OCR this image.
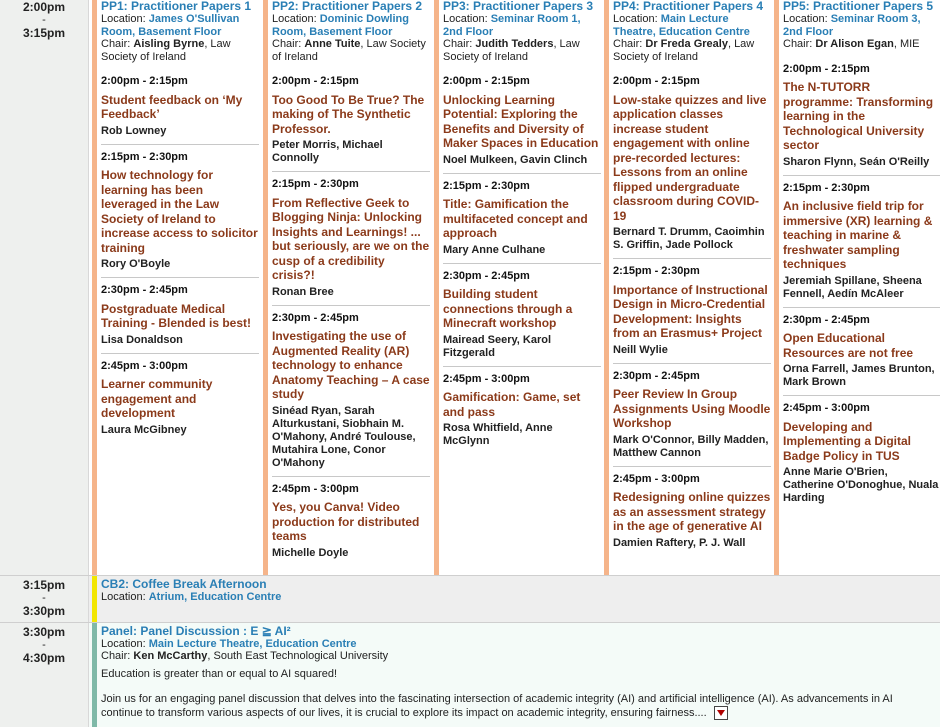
2:00pm
-
3:15pm
PP1: Practitioner Papers 1
Location: James O'Sullivan Room, Basement Floor
Chair: Aisling Byrne, Law Society of Ireland
2:00pm - 2:15pm
Student feedback on ‘My Feedback’
Rob Lowney
2:15pm - 2:30pm
How technology for learning has been leveraged in the Law Society of Ireland to increase access to solicitor training
Rory O'Boyle
2:30pm - 2:45pm
Postgraduate Medical Training - Blended is best!
Lisa Donaldson
2:45pm - 3:00pm
Learner community engagement and development
Laura McGibney
PP2: Practitioner Papers 2
Location: Dominic Dowling Room, Basement Floor
Chair: Anne Tuite, Law Society of Ireland
2:00pm - 2:15pm
Too Good To Be True? The making of The Synthetic Professor.
Peter Morris, Michael Connolly
2:15pm - 2:30pm
From Reflective Geek to Blogging Ninja: Unlocking Insights and Learnings! ... but seriously, are we on the cusp of a credibility crisis?!
Ronan Bree
2:30pm - 2:45pm
Investigating the use of Augmented Reality (AR) technology to enhance Anatomy Teaching – A case study
Sinéad Ryan, Sarah Alturkustani, Siobhain M. O'Mahony, André Toulouse, Mutahira Lone, Conor O'Mahony
2:45pm - 3:00pm
Yes, you Canva! Video production for distributed teams
Michelle Doyle
PP3: Practitioner Papers 3
Location: Seminar Room 1, 2nd Floor
Chair: Judith Tedders, Law Society of Ireland
2:00pm - 2:15pm
Unlocking Learning Potential: Exploring the Benefits and Diversity of Maker Spaces in Education
Noel Mulkeen, Gavin Clinch
2:15pm - 2:30pm
Title: Gamification the multifaceted concept and approach
Mary Anne Culhane
2:30pm - 2:45pm
Building student connections through a Minecraft workshop
Mairead Seery, Karol Fitzgerald
2:45pm - 3:00pm
Gamification: Game, set and pass
Rosa Whitfield, Anne McGlynn
PP4: Practitioner Papers 4
Location: Main Lecture Theatre, Education Centre
Chair: Dr Freda Grealy, Law Society of Ireland
2:00pm - 2:15pm
Low-stake quizzes and live application classes increase student engagement with online pre-recorded lectures: Lessons from an online flipped undergraduate classroom during COVID-19
Bernard T. Drumm, Caoimhin S. Griffin, Jade Pollock
2:15pm - 2:30pm
Importance of Instructional Design in Micro-Credential Development: Insights from an Erasmus+ Project
Neill Wylie
2:30pm - 2:45pm
Peer Review In Group Assignments Using Moodle Workshop
Mark O'Connor, Billy Madden, Matthew Cannon
2:45pm - 3:00pm
Redesigning online quizzes as an assessment strategy in the age of generative AI
Damien Raftery, P. J. Wall
PP5: Practitioner Papers 5
Location: Seminar Room 3, 2nd Floor
Chair: Dr Alison Egan, MIE
2:00pm - 2:15pm
The N-TUTORR programme: Transforming learning in the Technological University sector
Sharon Flynn, Seán O'Reilly
2:15pm - 2:30pm
An inclusive field trip for immersive (XR) learning & teaching in marine & freshwater sampling techniques
Jeremiah Spillane, Sheena Fennell, Aedín McAleer
2:30pm - 2:45pm
Open Educational Resources are not free
Orna Farrell, James Brunton, Mark Brown
2:45pm - 3:00pm
Developing and Implementing a Digital Badge Policy in TUS
Anne Marie O'Brien, Catherine O'Donoghue, Nuala Harding
3:15pm
-
3:30pm
CB2: Coffee Break Afternoon
Location: Atrium, Education Centre
3:30pm
-
4:30pm
Panel: Panel Discussion : E ≧ AI²
Location: Main Lecture Theatre, Education Centre
Chair: Ken McCarthy, South East Technological University
Education is greater than or equal to AI squared!
Join us for an engaging panel discussion that delves into the fascinating intersection of academic integrity (AI) and artificial intelligence (AI). As advancements in AI continue to transform various aspects of our lives, it is crucial to explore its impact on academic integrity, ensuring fairness....
